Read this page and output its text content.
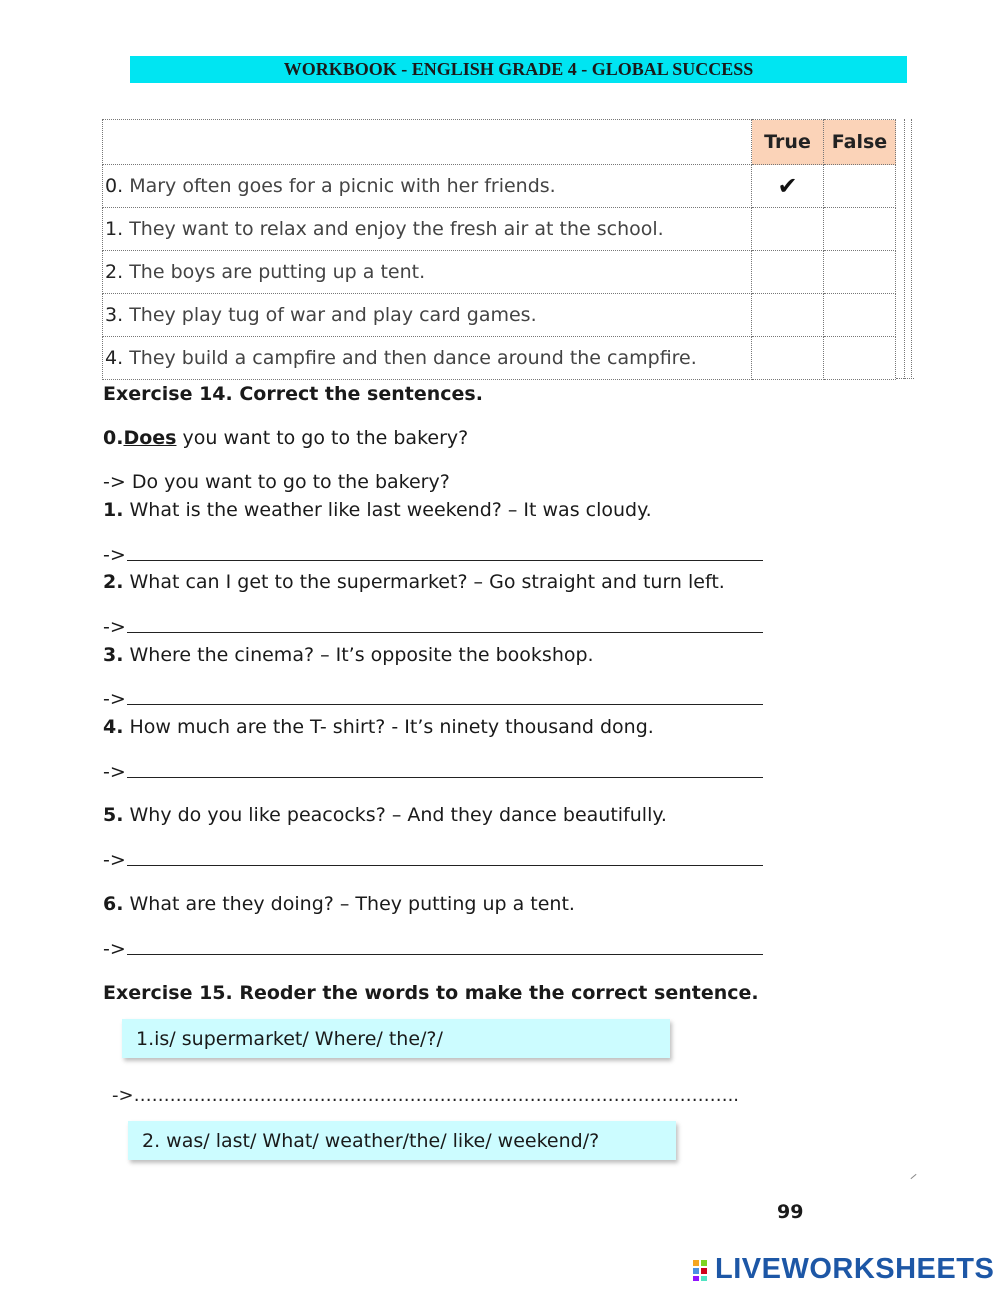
WORKBOOK - ENGLISH GRADE 4 - GLOBAL SUCCESS
	True	False
0. Mary often goes for a picnic with her friends.	✔	
1. They want to relax and enjoy the fresh air at the school.		
2. The boys are putting up a tent.		
3. They play tug of war and play card games.		
4. They build a campfire and then dance around the campfire.		
Exercise 14. Correct the sentences.
0.Does you want to go to the bakery?
-> Do you want to go to the bakery?
1. What is the weather like last weekend? – It was cloudy.
->
2. What can I get to the supermarket? – Go straight and turn left.
->
3. Where the cinema? – It’s opposite the bookshop.
->
4. How much are the T- shirt? - It’s ninety thousand dong.
->
5. Why do you like peacocks? – And they dance beautifully.
->
6. What are they doing? – They putting up a tent.
->
Exercise 15. Reoder the words to make the correct sentence.
1.is/ supermarket/ Where/ the/?/
->………………………………………………………………………………………..
2. was/ last/ What/ weather/the/ like/ weekend/?
99
LIVEWORKSHEETS
